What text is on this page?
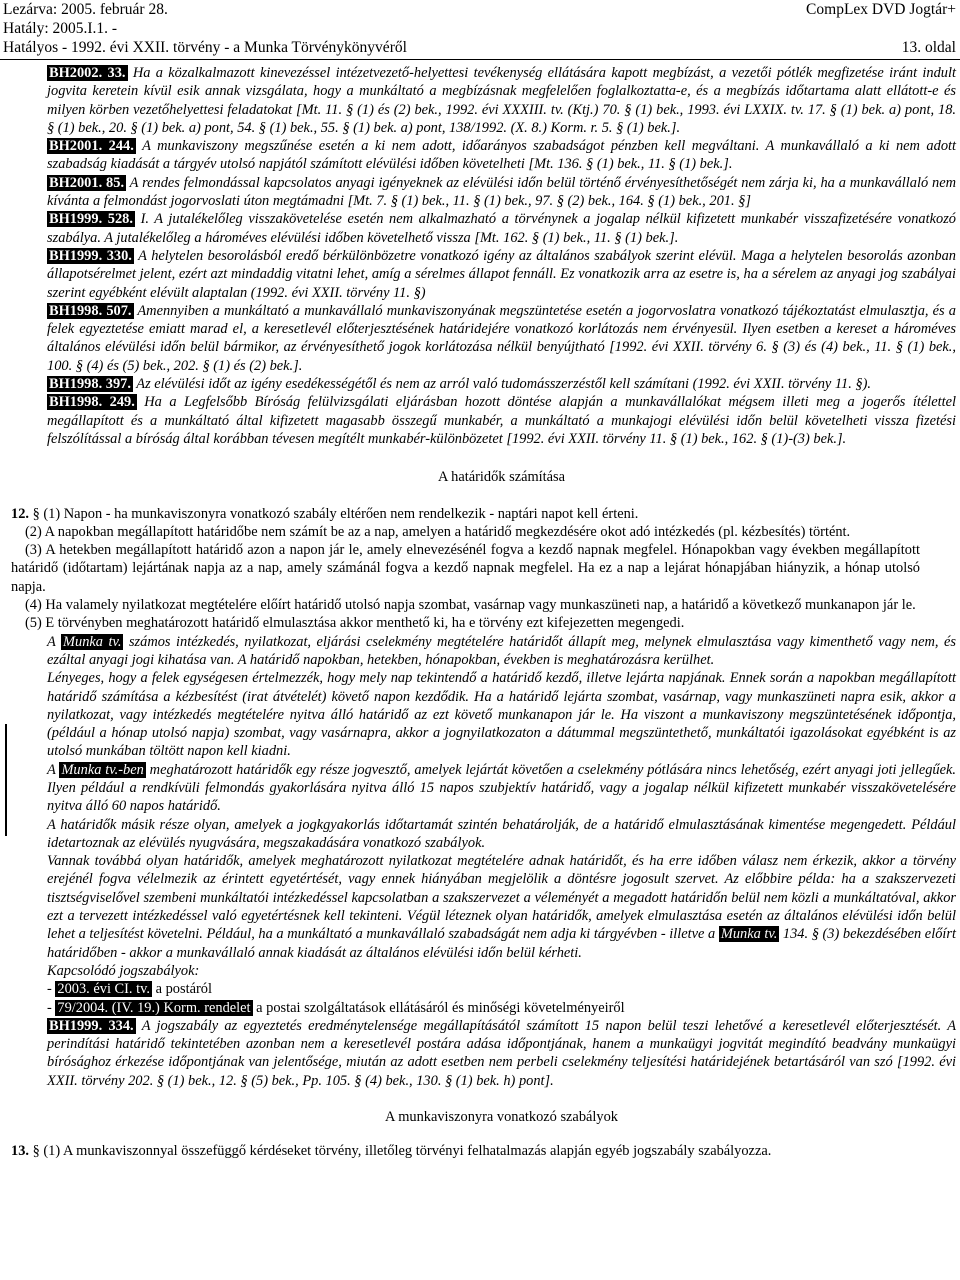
Lezárva: 2005. február 28.
Hatály: 2005.I.1. -
Hatályos - 1992. évi XXII. törvény - a Munka Törvénykönyvéről
CompLex DVD Jogtár+
13. oldal

BH2002. 33. Ha a közalkalmazott kinevezéssel intézetvezető-helyettesi tevékenység ellátására kapott megbízást, a vezetői pótlék megfizetése iránt indult jogvita keretein kívül esik annak vizsgálata, hogy a munkáltató a megbízásnak megfelelően foglalkoztatta-e, és a megbízás időtartama alatt ellátott-e és milyen körben vezetőhelyettesi feladatokat [Mt. 11. § (1) és (2) bek., 1992. évi XXXIII. tv. (Ktj.) 70. § (1) bek., 1993. évi LXXIX. tv. 17. § (1) bek. a) pont, 18. § (1) bek., 20. § (1) bek. a) pont, 54. § (1) bek., 55. § (1) bek. a) pont, 138/1992. (X. 8.) Korm. r. 5. § (1) bek.].

BH2001. 244. A munkaviszony megszűnése esetén a ki nem adott, időarányos szabadságot pénzben kell megváltani. A munkavállaló a ki nem adott szabadság kiadását a tárgyév utolsó napjától számított elévülési időben követelheti [Mt. 136. § (1) bek., 11. § (1) bek.].

BH2001. 85. A rendes felmondással kapcsolatos anyagi igényeknek az elévülési időn belül történő érvényesíthetőségét nem zárja ki, ha a munkavállaló nem kívánta a felmondást jogorvoslati úton megtámadni [Mt. 7. § (1) bek., 11. § (1) bek., 97. § (2) bek., 164. § (1) bek., 201. §]

BH1999. 528. I. A jutalékelőleg visszakövetelése esetén nem alkalmazható a törvénynek a jogalap nélkül kifizetett munkabér visszafizetésére vonatkozó szabálya. A jutalékelőleg a hároméves elévülési időben követelhető vissza [Mt. 162. § (1) bek., 11. § (1) bek.].

BH1999. 330. A helytelen besorolásból eredő bérkülönbözetre vonatkozó igény az általános szabályok szerint elévül. Maga a helytelen besorolás azonban állapotsérelmet jelent, ezért azt mindaddig vitatni lehet, amíg a sérelmes állapot fennáll. Ez vonatkozik arra az esetre is, ha a sérelem az anyagi jog szabályai szerint egyébként elévült alaptalan (1992. évi XXII. törvény 11. §)

BH1998. 507. Amennyiben a munkáltató a munkavállaló munkaviszonyának megszüntetése esetén a jogorvoslatra vonatkozó tájékoztatást elmulasztja, és a felek egyeztetése emiatt marad el, a keresetlevél előterjesztésének határidejére vonatkozó korlátozás nem érvényesül. Ilyen esetben a kereset a hároméves általános elévülési időn belül bármikor, az érvényesíthető jogok korlátozása nélkül benyújtható [1992. évi XXII. törvény 6. § (3) és (4) bek., 11. § (1) bek., 100. § (4) és (5) bek., 202. § (1) és (2) bek.].

BH1998. 397. Az elévülési időt az igény esedékességétől és nem az arról való tudomásszerzéstől kell számítani (1992. évi XXII. törvény 11. §).

BH1998. 249. Ha a Legfelsőbb Bíróság felülvizsgálati eljárásban hozott döntése alapján a munkavállalókat mégsem illeti meg a jogerős ítélettel megállapított és a munkáltató által kifizetett magasabb összegű munkabér, a munkáltató a munkajogi elévülési időn belül követelheti vissza fizetési felszólítással a bíróság által korábban tévesen megítélt munkabér-különbözetet [1992. évi XXII. törvény 11. § (1) bek., 162. § (1)-(3) bek.].

A határidők számítása

12. § (1) Napon - ha munkaviszonyra vonatkozó szabály eltérően nem rendelkezik - naptári napot kell érteni.

(2) A napokban megállapított határidőbe nem számít be az a nap, amelyen a határidő megkezdésére okot adó intézkedés (pl. kézbesítés) történt.

(3) A hetekben megállapított határidő azon a napon jár le, amely elnevezésénél fogva a kezdő napnak megfelel. Hónapokban vagy években megállapított határidő (időtartam) lejártának napja az a nap, amely számánál fogva a kezdő napnak megfelel. Ha ez a nap a lejárat hónapjában hiányzik, a hónap utolsó napja.

(4) Ha valamely nyilatkozat megtételére előírt határidő utolsó napja szombat, vasárnap vagy munkaszüneti nap, a határidő a következő munkanapon jár le.

(5) E törvényben meghatározott határidő elmulasztása akkor menthető ki, ha e törvény ezt kifejezetten megengedi.

A Munka tv. számos intézkedés, nyilatkozat, eljárási cselekmény megtételére határidőt állapít meg, melynek elmulasztása vagy kimenthető vagy nem, és ezáltal anyagi jogi kihatása van. A határidő napokban, hetekben, hónapokban, években is meghatározásra kerülhet.

Lényeges, hogy a felek egységesen értelmezzék, hogy mely nap tekintendő a határidő kezdő, illetve lejárta napjának. Ennek során a napokban megállapított határidő számítása a kézbesítést (irat átvételét) követő napon kezdődik. Ha a határidő lejárta szombat, vasárnap, vagy munkaszüneti napra esik, akkor a nyilatkozat, vagy intézkedés megtételére nyitva álló határidő az ezt követő munkanapon jár le. Ha viszont a munkaviszony megszüntetésének időpontja, (például a hónap utolsó napja) szombat, vagy vasárnapra, akkor a jognyilatkozaton a dátummal megszüntethető, munkáltatói igazolásokat egyébként is az utolsó munkában töltött napon kell kiadni.

A Munka tv.-ben meghatározott határidők egy része jogvesztő, amelyek lejártát követően a cselekmény pótlására nincs lehetőség, ezért anyagi joti jellegűek. Ilyen például a rendkívüli felmondás gyakorlására nyitva álló 15 napos szubjektív határidő, vagy a jogalap nélkül kifizetett munkabér visszakövetelésére nyitva álló 60 napos határidő.

A határidők másik része olyan, amelyek a jogkgyakorlás időtartamát szintén behatárolják, de a határidő elmulasztásának kimentése megengedett. Például idetartoznak az elévülés nyugvására, megszakadására vonatkozó szabályok.

Vannak továbbá olyan határidők, amelyek meghatározott nyilatkozat megtételére adnak határidőt, és ha erre időben válasz nem érkezik, akkor a törvény erejénél fogva vélelmezik az érintett egyetértését, vagy ennek hiányában megjelölik a döntésre jogosult szervet. Az előbbire példa: ha a szakszervezeti tisztségviselővel szembeni munkáltatói intézkedéssel kapcsolatban a szakszervezet a véleményét a megadott határidőn belül nem közli a munkáltatóval, akkor ezt a tervezett intézkedéssel való egyetértésnek kell tekinteni. Végül léteznek olyan határidők, amelyek elmulasztása esetén az általános elévülési időn belül lehet a teljesítést követelni. Például, ha a munkáltató a munkavállaló szabadságát nem adja ki tárgyévben - illetve a Munka tv. 134. § (3) bekezdésében előírt határidőben - akkor a munkavállaló annak kiadását az általános elévülési időn belül kérheti.

Kapcsolódó jogszabályok:

- 2003. évi CI. tv. a postáról

- 79/2004. (IV. 19.) Korm. rendelet a postai szolgáltatások ellátásáról és minőségi követelményeiről

BH1999. 334. A jogszabály az egyeztetés eredménytelensége megállapításától számított 15 napon belül teszi lehetővé a keresetlevél előterjesztését. A perindítási határidő tekintetében azonban nem a keresetlevél postára adása időpontjának, hanem a munkaügyi jogvitát megindító beadvány munkaügyi bírósághoz érkezése időpontjának van jelentősége, miután az adott esetben nem perbeli cselekmény teljesítési határidejének betartásáról van szó [1992. évi XXII. törvény 202. § (1) bek., 12. § (5) bek., Pp. 105. § (4) bek., 130. § (1) bek. h) pont].

A munkaviszonyra vonatkozó szabályok

13. § (1) A munkaviszonnyal összefüggő kérdéseket törvény, illetőleg törvényi felhatalmazás alapján egyéb jogszabály szabályozza.
